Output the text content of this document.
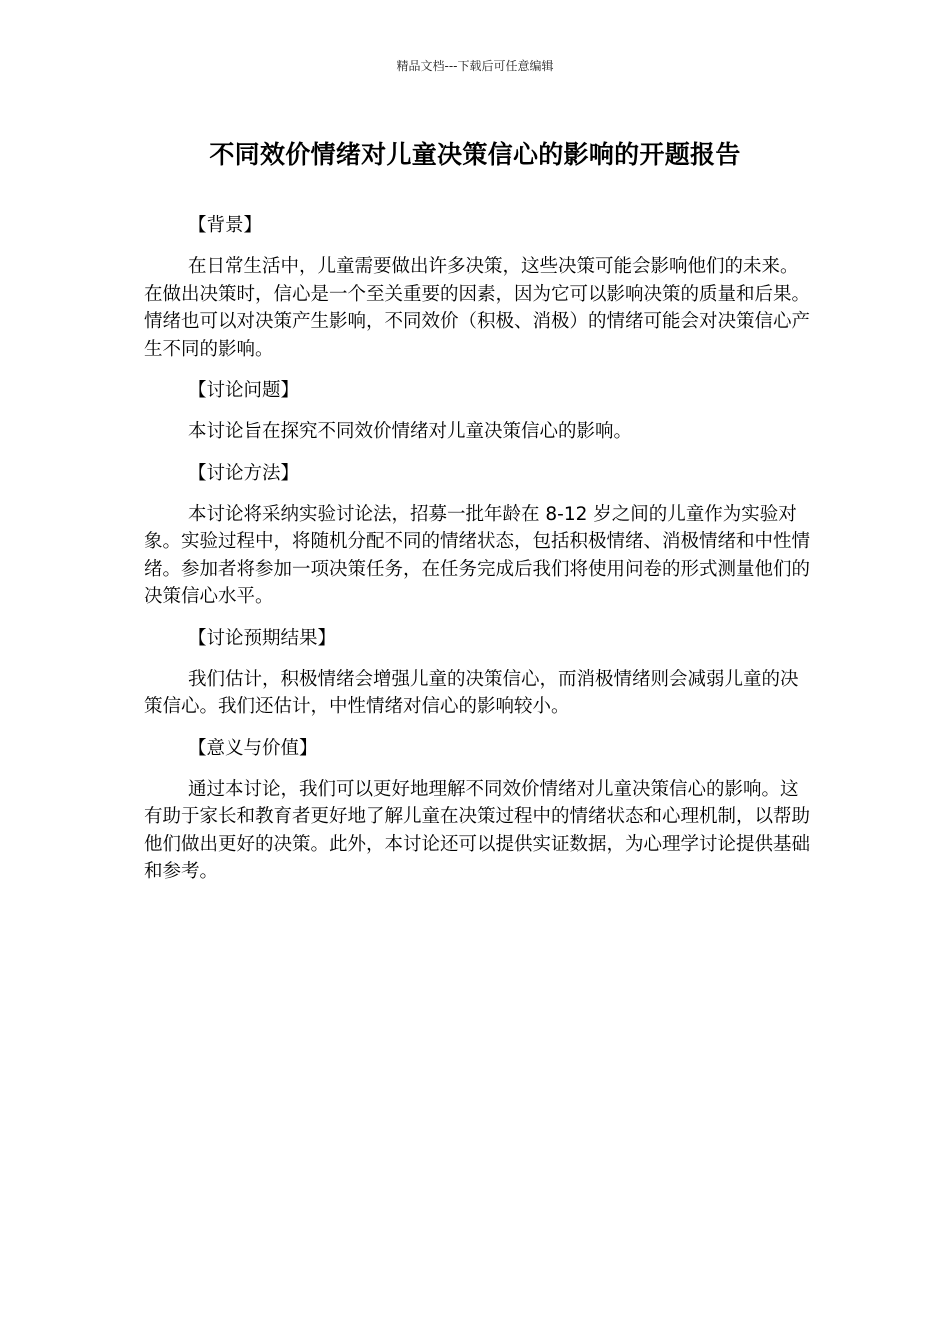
精品文档---下载后可任意编辑
不同效价情绪对儿童决策信心的影响的开题报告
【背景】
在日常生活中，儿童需要做出许多决策，这些决策可能会影响他们的未来。在做出决策时，信心是一个至关重要的因素，因为它可以影响决策的质量和后果。情绪也可以对决策产生影响，不同效价（积极、消极）的情绪可能会对决策信心产生不同的影响。
【讨论问题】
本讨论旨在探究不同效价情绪对儿童决策信心的影响。
【讨论方法】
本讨论将采纳实验讨论法，招募一批年龄在 8-12 岁之间的儿童作为实验对象。实验过程中，将随机分配不同的情绪状态，包括积极情绪、消极情绪和中性情绪。参加者将参加一项决策任务，在任务完成后我们将使用问卷的形式测量他们的决策信心水平。
【讨论预期结果】
我们估计，积极情绪会增强儿童的决策信心，而消极情绪则会减弱儿童的决策信心。我们还估计，中性情绪对信心的影响较小。
【意义与价值】
通过本讨论，我们可以更好地理解不同效价情绪对儿童决策信心的影响。这有助于家长和教育者更好地了解儿童在决策过程中的情绪状态和心理机制，以帮助他们做出更好的决策。此外，本讨论还可以提供实证数据，为心理学讨论提供基础和参考。
